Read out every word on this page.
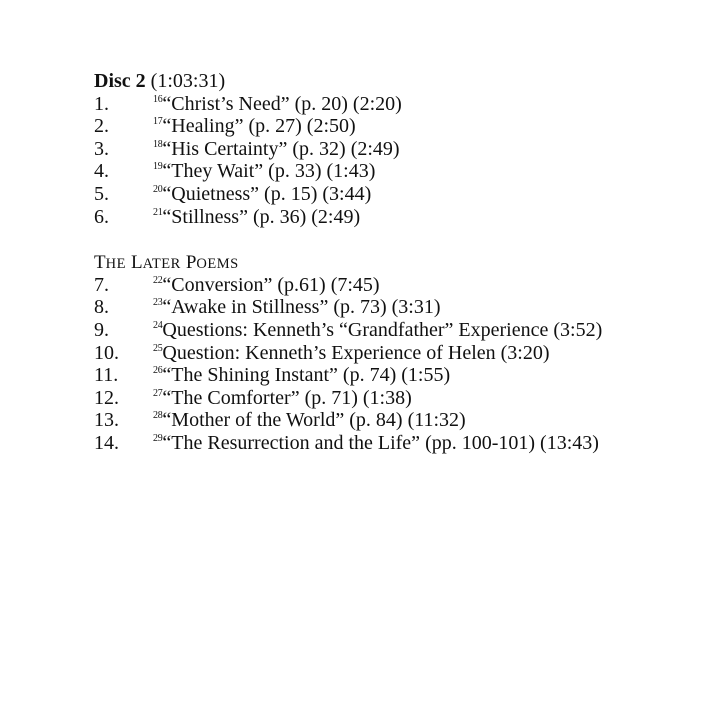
Disc 2 (1:03:31)
1.	$^{16}$“Christ’s Need” (p. 20) (2:20)
2.	$^{17}$“Healing” (p. 27) (2:50)
3.	$^{18}$“His Certainty” (p. 32) (2:49)
4.	$^{19}$“They Wait” (p. 33) (1:43)
5.	$^{20}$“Quietness” (p. 15) (3:44)
6.	$^{21}$“Stillness” (p. 36) (2:49)
THE LATER POEMS
7.	$^{22}$“Conversion” (p.61) (7:45)
8.	$^{23}$“Awake in Stillness” (p. 73) (3:31)
9.	$^{24}$Questions: Kenneth’s “Grandfather” Experience (3:52)
10.	$^{25}$Question: Kenneth’s Experience of Helen (3:20)
11.	$^{26}$“The Shining Instant” (p. 74) (1:55)
12.	$^{27}$“The Comforter” (p. 71) (1:38)
13.	$^{28}$“Mother of the World” (p. 84) (11:32)
14.	$^{29}$“The Resurrection and the Life” (pp. 100-101) (13:43)
